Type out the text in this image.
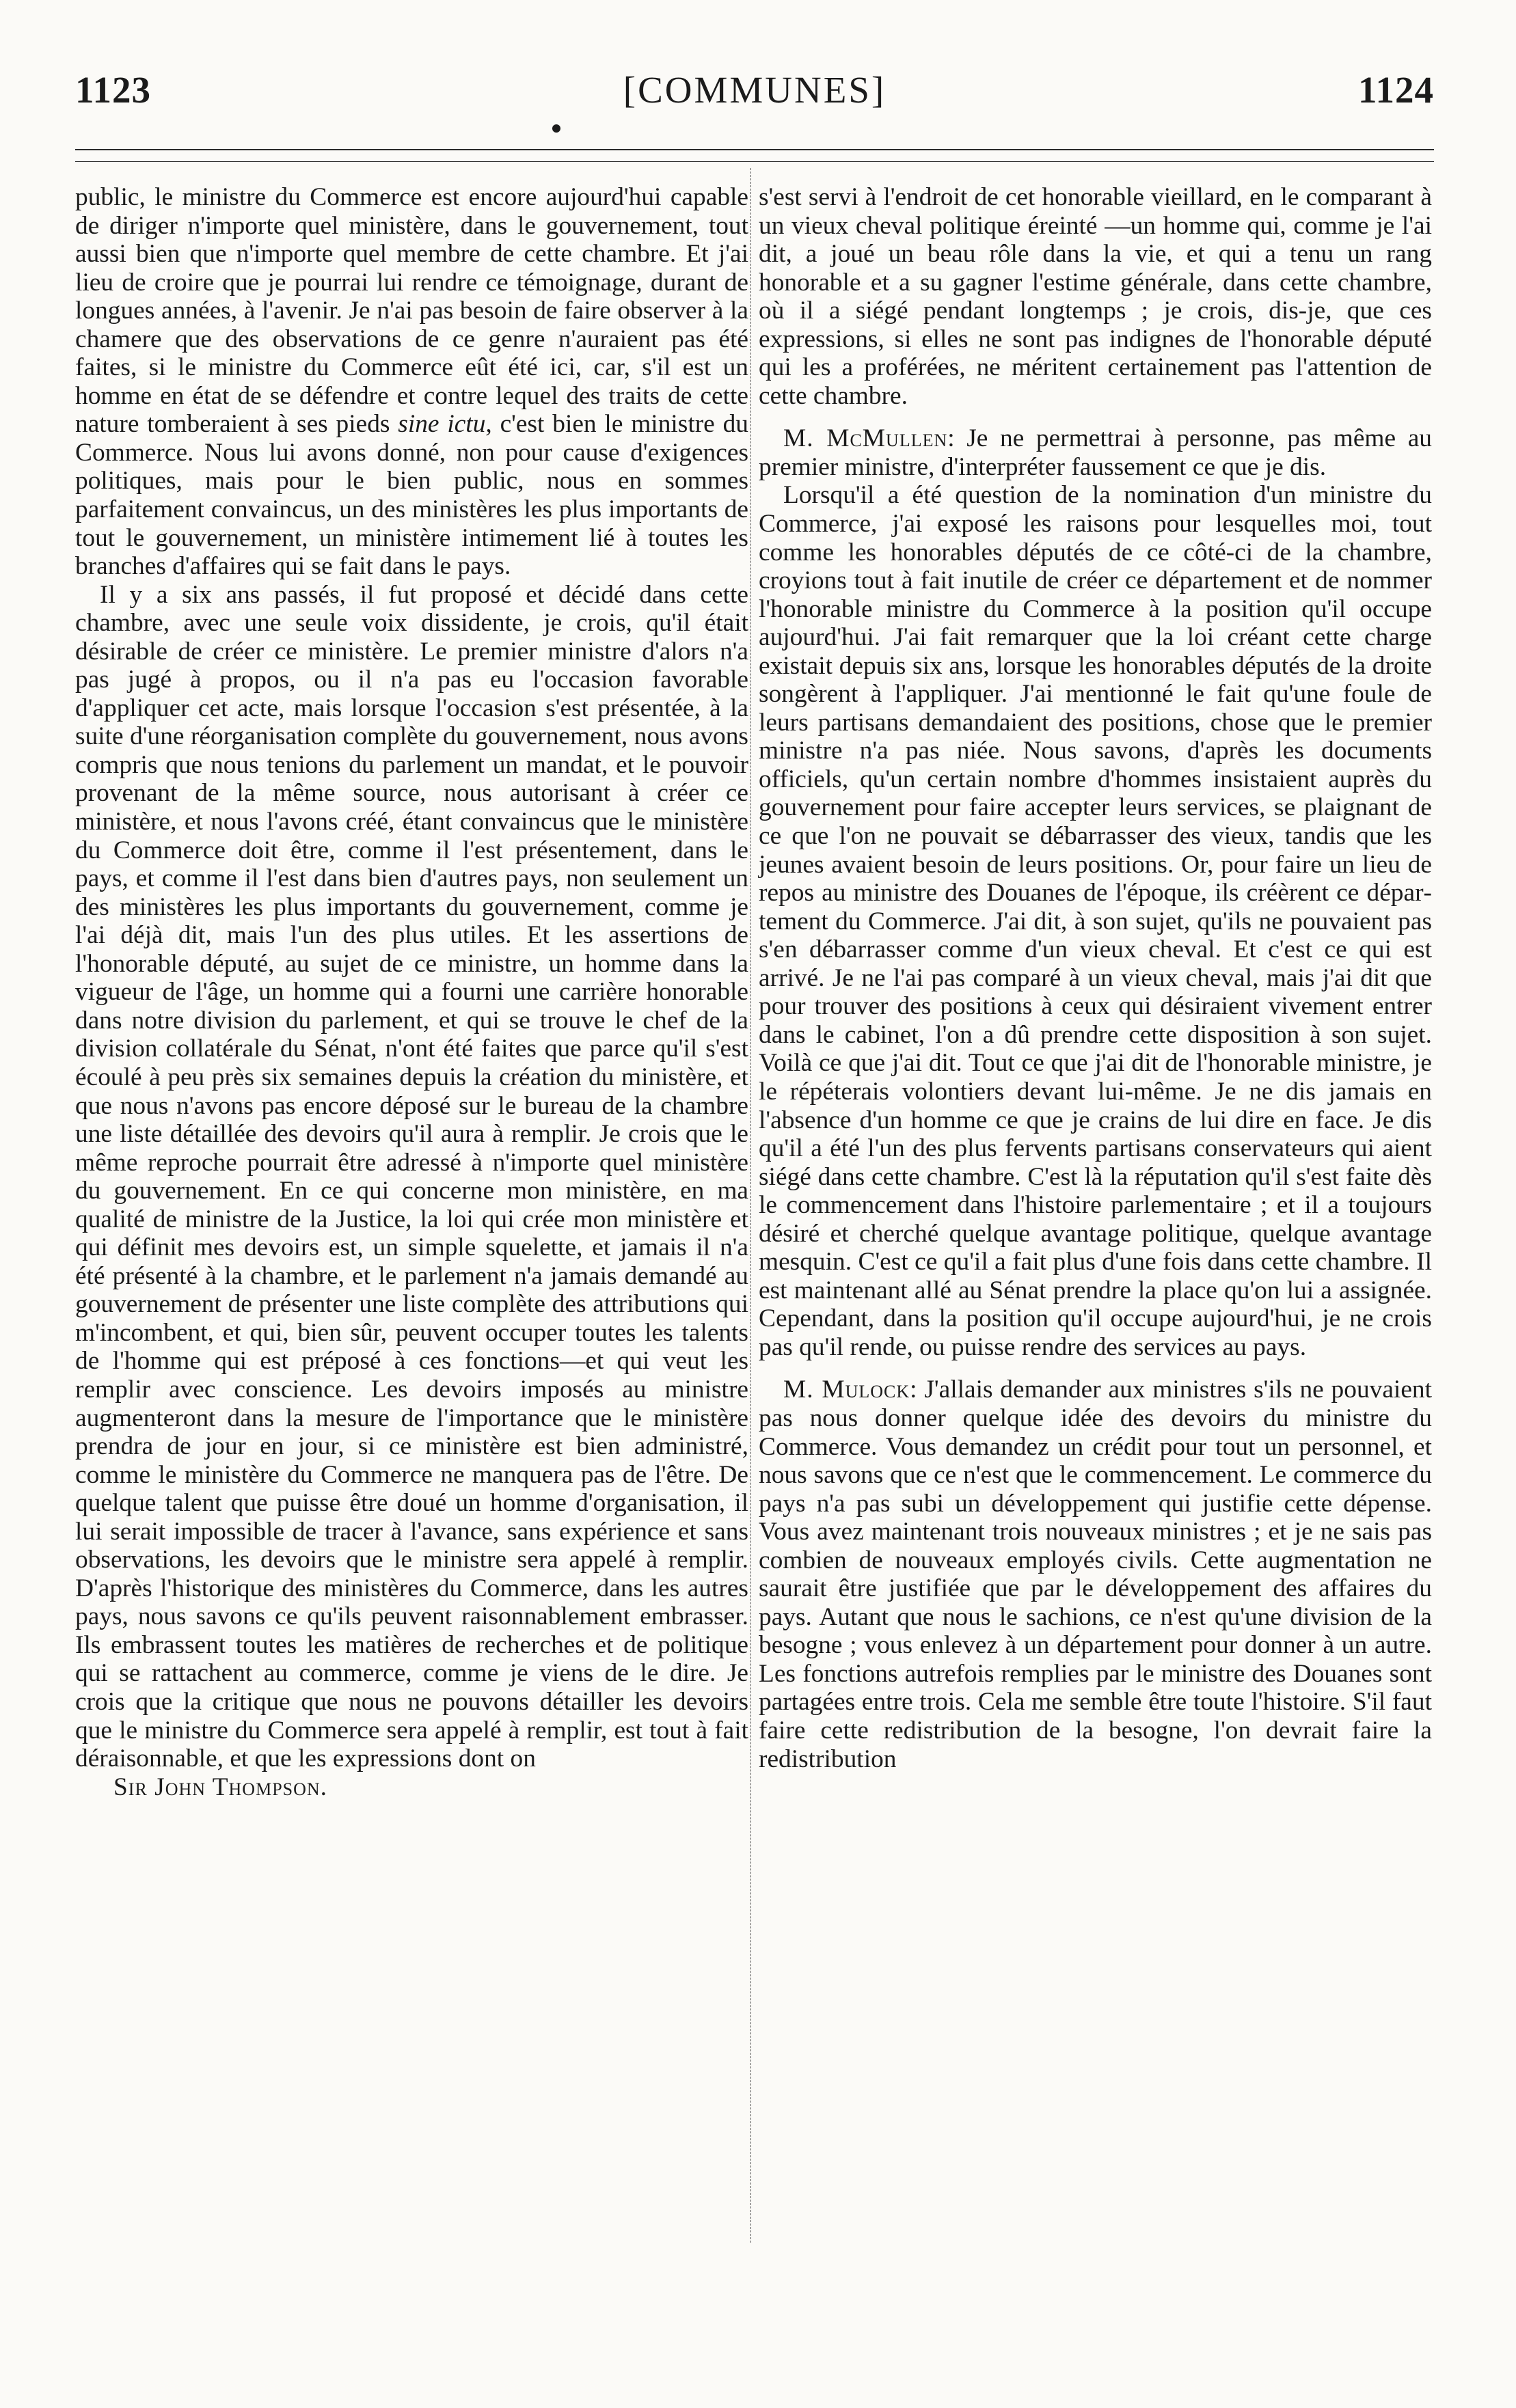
1123	[COMMUNES]	1124

public, le ministre du Commerce est encore aujourd'hui capable de diriger n'importe quel ministère, dans le gouvernement, tout aussi bien que n'importe quel membre de cette chambre. Et j'ai lieu de croire que je pourrai lui rendre ce témoignage, durant de longues années, à l'avenir. Je n'ai pas besoin de faire observer à la chamere que des observations de ce genre n'auraient pas été faites, si le ministre du Commerce eût été ici, car, s'il est un homme en état de se défendre et contre lequel des traits de cette nature tomberaient à ses pieds sine ictu, c'est bien le ministre du Commerce. Nous lui avons donné, non pour cause d'exigences politiques, mais pour le bien public, nous en sommes parfaitement convaincus, un des ministères les plus importants de tout le gouvernement, un ministère intimement lié à toutes les branches d'affaires qui se fait dans le pays.

Il y a six ans passés, il fut proposé et décidé dans cette chambre, avec une seule voix dissidente, je crois, qu'il était désirable de créer ce ministère. Le premier ministre d'alors n'a pas jugé à propos, ou il n'a pas eu l'occasion favorable d'appliquer cet acte, mais lorsque l'occasion s'est présentée, à la suite d'une réorganisation complète du gouvernement, nous avons compris que nous tenions du parlement un mandat, et le pouvoir provenant de la même source, nous autorisant à créer ce ministère, et nous l'avons créé, étant convaincus que le ministère du Commerce doit être, comme il l'est présentement, dans le pays, et comme il l'est dans bien d'autres pays, non seulement un des ministères les plus importants du gouvernement, comme je l'ai déjà dit, mais l'un des plus utiles. Et les assertions de l'honorable député, au sujet de ce ministre, un homme dans la vigueur de l'âge, un homme qui a fourni une carrière honorable dans notre division du parlement, et qui se trouve le chef de la division collatérale du Sénat, n'ont été faites que parce qu'il s'est écoulé à peu près six semaines depuis la création du ministère, et que nous n'avons pas encore déposé sur le bureau de la chambre une liste détaillée des devoirs qu'il aura à remplir. Je crois que le même reproche pourrait être adressé à n'importe quel ministère du gouvernement. En ce qui concerne mon ministère, en ma qualité de ministre de la Justice, la loi qui crée mon ministère et qui définit mes devoirs est, un simple squelette, et jamais il n'a été présenté à la chambre, et le parlement n'a jamais demandé au gouvernement de présenter une liste complète des attributions qui m'incombent, et qui, bien sûr, peuvent occuper toutes les talents de l'homme qui est préposé à ces fonctions—et qui veut les remplir avec conscience. Les devoirs imposés au ministre augmenteront dans la mesure de l'importance que le ministère prendra de jour en jour, si ce ministère est bien administré, comme le ministère du Commerce ne manquera pas de l'être. De quelque talent que puisse être doué un homme d'organisation, il lui serait impossible de tracer à l'avance, sans expérience et sans observations, les devoirs que le ministre sera appelé à remplir. D'après l'historique des ministères du Commerce, dans les autres pays, nous savons ce qu'ils peuvent raisonnablement embrasser. Ils embrassent toutes les matières de recherches et de politique qui se rattachent au commerce, comme je viens de le dire. Je crois que la critique que nous ne pouvons détailler les devoirs que le ministre du Commerce sera appelé à remplir, est tout à fait déraisonnable, et que les expressions dont on

Sir John Thompson.

s'est servi à l'endroit de cet honorable vieillard, en le comparant à un vieux cheval politique éreinté —un homme qui, comme je l'ai dit, a joué un beau rôle dans la vie, et qui a tenu un rang honorable et a su gagner l'estime générale, dans cette chambre, où il a siégé pendant longtemps ; je crois, dis-je, que ces expressions, si elles ne sont pas indignes de l'honorable député qui les a proférées, ne méritent certainement pas l'attention de cette chambre.

M. McMullen: Je ne permettrai à personne, pas même au premier ministre, d'interpréter faussement ce que je dis.

Lorsqu'il a été question de la nomination d'un ministre du Commerce, j'ai exposé les raisons pour lesquelles moi, tout comme les honorables députés de ce côté-ci de la chambre, croyions tout à fait inutile de créer ce département et de nommer l'honorable ministre du Commerce à la position qu'il occupe aujourd'hui. J'ai fait remarquer que la loi créant cette charge existait depuis six ans, lorsque les honorables députés de la droite songèrent à l'appliquer. J'ai mentionné le fait qu'une foule de leurs partisans demandaient des positions, chose que le premier ministre n'a pas niée. Nous savons, d'après les documents officiels, qu'un certain nombre d'hommes insistaient auprès du gouvernement pour faire accepter leurs services, se plaignant de ce que l'on ne pouvait se débarrasser des vieux, tandis que les jeunes avaient besoin de leurs positions. Or, pour faire un lieu de repos au ministre des Douanes de l'époque, ils créèrent ce département du Commerce. J'ai dit, à son sujet, qu'ils ne pouvaient pas s'en débarrasser comme d'un vieux cheval. Et c'est ce qui est arrivé. Je ne l'ai pas comparé à un vieux cheval, mais j'ai dit que pour trouver des positions à ceux qui désiraient vivement entrer dans le cabinet, l'on a dû prendre cette disposition à son sujet. Voilà ce que j'ai dit. Tout ce que j'ai dit de l'honorable ministre, je le répéterais volontiers devant lui-même. Je ne dis jamais en l'absence d'un homme ce que je crains de lui dire en face. Je dis qu'il a été l'un des plus fervents partisans conservateurs qui aient siégé dans cette chambre. C'est là la réputation qu'il s'est faite dès le commencement dans l'histoire parlementaire ; et il a toujours désiré et cherché quelque avantage politique, quelque avantage mesquin. C'est ce qu'il a fait plus d'une fois dans cette chambre. Il est maintenant allé au Sénat prendre la place qu'on lui a assignée. Cependant, dans la position qu'il occupe aujourd'hui, je ne crois pas qu'il rende, ou puisse rendre des services au pays.

M. Mulock: J'allais demander aux ministres s'ils ne pouvaient pas nous donner quelque idée des devoirs du ministre du Commerce. Vous demandez un crédit pour tout un personnel, et nous savons que ce n'est que le commencement. Le commerce du pays n'a pas subi un développement qui justifie cette dépense. Vous avez maintenant trois nouveaux ministres ; et je ne sais pas combien de nouveaux employés civils. Cette augmentation ne saurait être justifiée que par le développement des affaires du pays. Autant que nous le sachions, ce n'est qu'une division de la besogne ; vous enlevez à un département pour donner à un autre. Les fonctions autrefois remplies par le ministre des Douanes sont partagées entre trois. Cela me semble être toute l'histoire. S'il faut faire cette redistribution de la besogne, l'on devrait faire la redistribution
